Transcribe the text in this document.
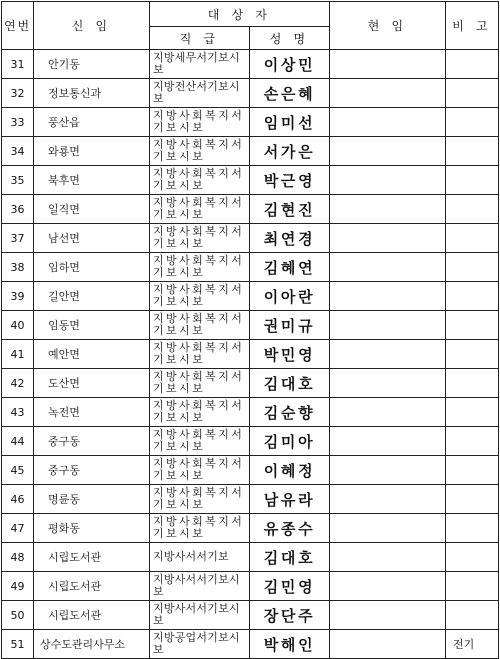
연번	신 임	대 상 자		현 임	비 고
		직 급	성 명		
31	안기동	지방세무서기보시보	이상민		
32	정보통신과	지방전산서기보시보	손은혜		
33	풍산읍	지방사회복지서기보시보	임미선		
34	와룡면	지방사회복지서기보시보	서가은		
35	북후면	지방사회복지서기보시보	박근영		
36	일직면	지방사회복지서기보시보	김현진		
37	남선면	지방사회복지서기보시보	최연경		
38	임하면	지방사회복지서기보시보	김혜연		
39	길안면	지방사회복지서기보시보	이아란		
40	임동면	지방사회복지서기보시보	권미규		
41	예안면	지방사회복지서기보시보	박민영		
42	도산면	지방사회복지서기보시보	김대호		
43	녹전면	지방사회복지서기보시보	김순향		
44	중구동	지방사회복지서기보시보	김미아		
45	중구동	지방사회복지서기보시보	이혜정		
46	명륜동	지방사회복지서기보시보	남유라		
47	평화동	지방사회복지서기보시보	유종수		
48	시립도서관	지방사서서기보	김대호		
49	시립도서관	지방사서서기보시보	김민영		
50	시립도서관	지방사서서기보시보	장단주		
51	상수도관리사무소	지방공업서기보시보	박해인		전기
